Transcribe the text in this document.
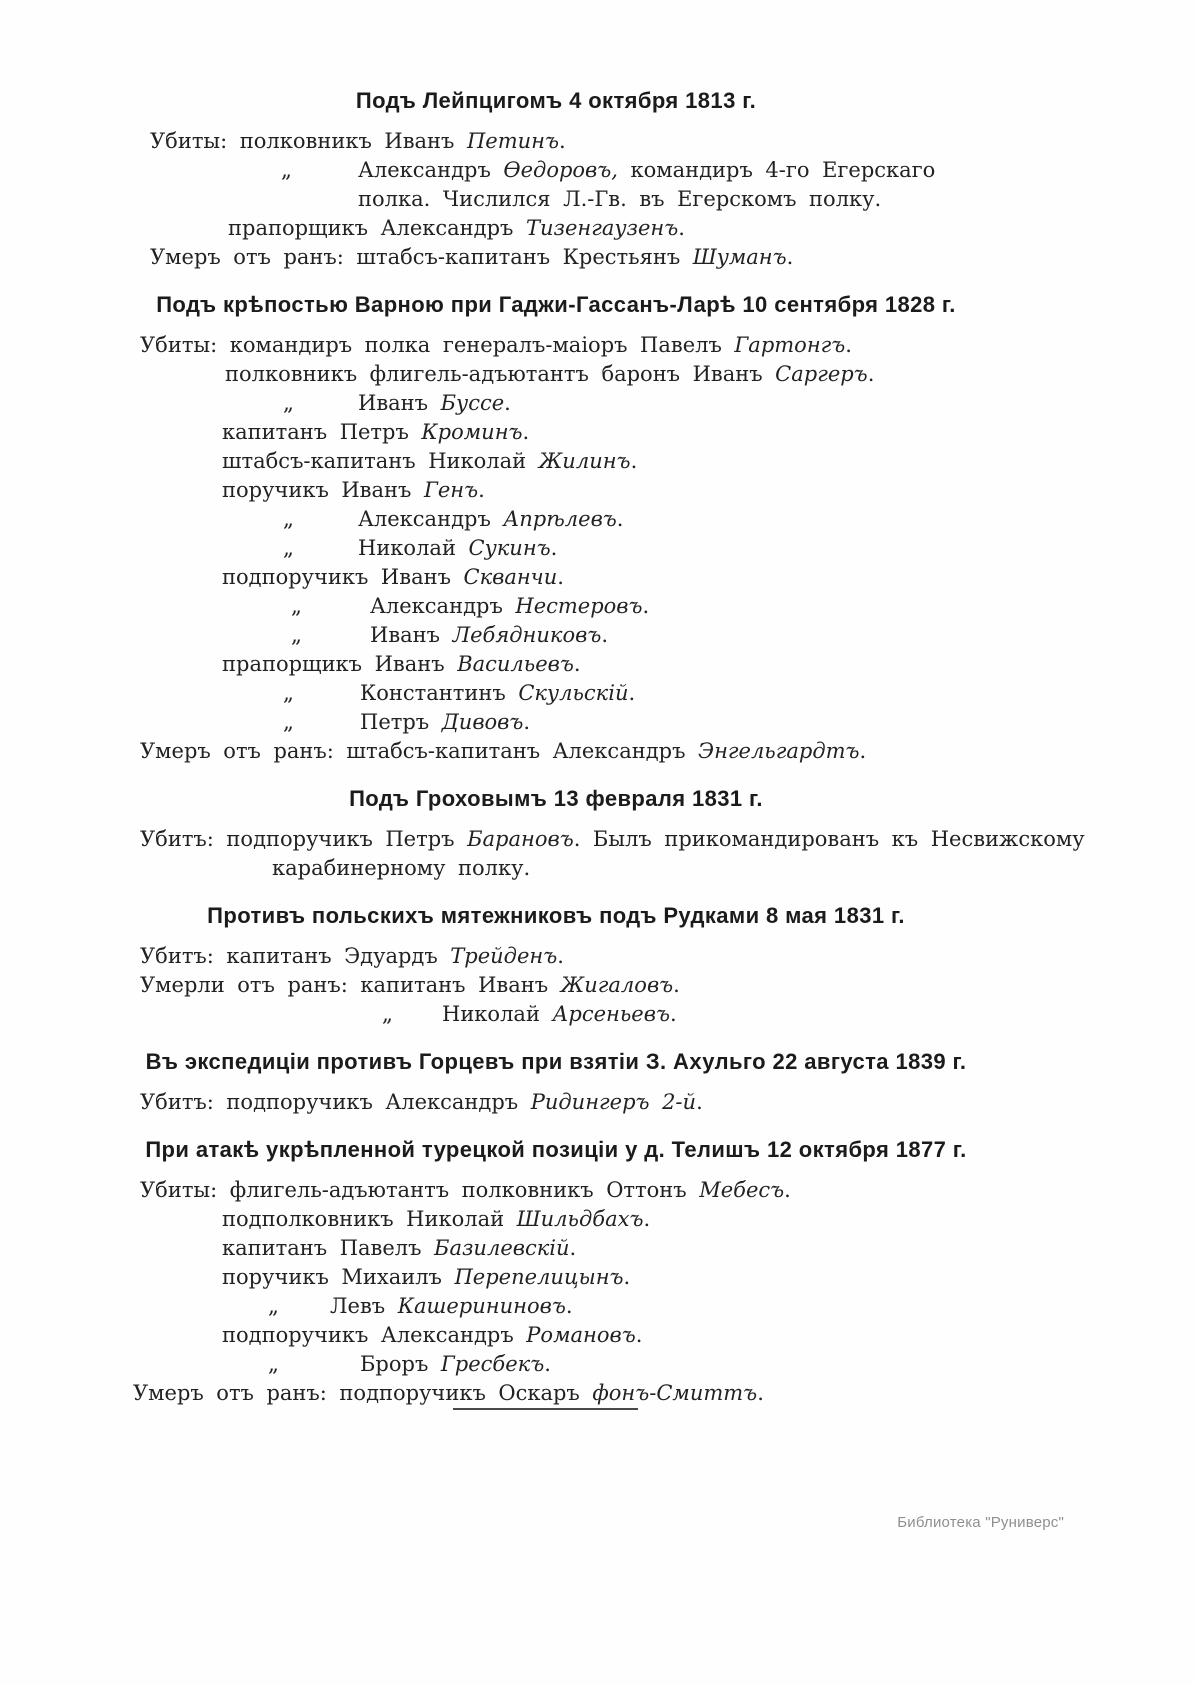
Подъ Лейпцигомъ 4 октября 1813 г.
Убиты: полковникъ Иванъ Петинъ.
„	Александръ Ѳедоровъ, командиръ 4-го Егерскаго
полка. Числился Л.-Гв. въ Егерскомъ полку.
прапорщикъ Александръ Тизенгаузенъ.
Умеръ отъ ранъ: штабсъ-капитанъ Крестьянъ Шуманъ.
Подъ крѣпостью Варною при Гаджи-Гассанъ-Ларѣ 10 сентября 1828 г.
Убиты: командиръ полка генералъ-маіоръ Павелъ Гартонгъ.
полковникъ флигель-адъютантъ баронъ Иванъ Саргеръ.
„	Иванъ Буссе.
капитанъ Петръ Кроминъ.
штабсъ-капитанъ Николай Жилинъ.
поручикъ Иванъ Генъ.
„	Александръ Апрѣлевъ.
„	Николай Сукинъ.
подпоручикъ Иванъ Скванчи.
„	Александръ Нестеровъ.
„	Иванъ Лебядниковъ.
прапорщикъ Иванъ Васильевъ.
„	Константинъ Скульскій.
„	Петръ Дивовъ.
Умеръ отъ ранъ: штабсъ-капитанъ Александръ Энгельгардтъ.
Подъ Гроховымъ 13 февраля 1831 г.
Убитъ: подпоручикъ Петръ Барановъ. Былъ прикомандированъ къ Несвижскому
карабинерному полку.
Противъ польскихъ мятежниковъ подъ Рудками 8 мая 1831 г.
Убитъ: капитанъ Эдуардъ Трейденъ.
Умерли отъ ранъ: капитанъ Иванъ Жигаловъ.
„ Николай Арсеньевъ.
Въ экспедиціи противъ Горцевъ при взятіи З. Ахульго 22 августа 1839 г.
Убитъ: подпоручикъ Александръ Ридингеръ 2-й.
При атакѣ укрѣпленной турецкой позиціи у д. Телишъ 12 октября 1877 г.
Убиты: флигель-адъютантъ полковникъ Оттонъ Мебесъ.
подполковникъ Николай Шильдбахъ.
капитанъ Павелъ Базилевскій.
поручикъ Михаилъ Перепелицынъ.
„ Левъ Кашерининовъ.
подпоручикъ Александръ Романовъ.
„	Броръ Гресбекъ.
Умеръ отъ ранъ: подпоручикъ Оскаръ фонъ-Смиттъ.
Библиотека "Руниверс"
